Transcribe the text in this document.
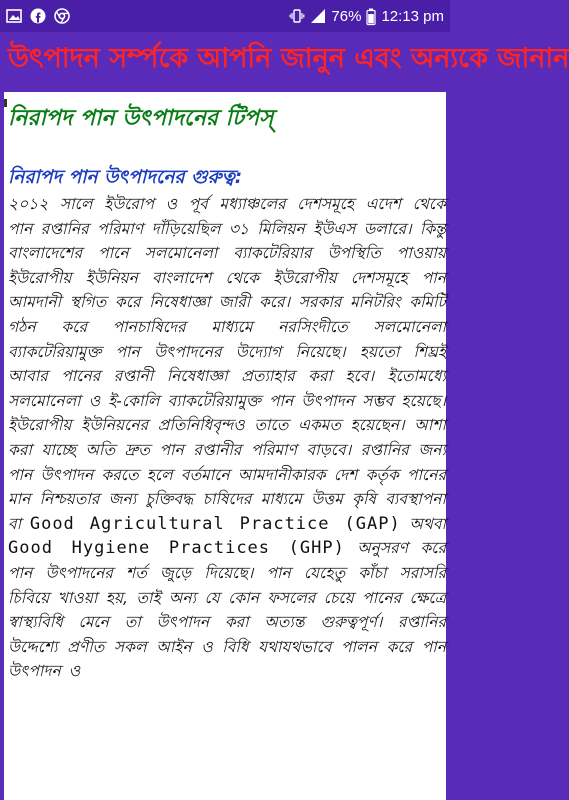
76% 12:13 pm
উৎপাদন সর্ম্পকে আপনি জানুন এবং অন্যকে জানান
নিরাপদ পান উৎপাদনের টিপস্
নিরাপদ পান উৎপাদনের গুরুত্ব:
২০১২ সালে ইউরোপ ও পূর্ব মধ্যাঞ্চলের দেশসমূহে এদেশ থেকে পান রপ্তানির পরিমাণ দাঁড়িয়েছিল ৩১ মিলিয়ন ইউএস ডলারে। কিন্তু বাংলাদেশের পানে সলমোনেলা ব্যাকটেরিয়ার উপস্থিতি পাওয়ায় ইউরোপীয় ইউনিয়ন বাংলাদেশ থেকে ইউরোপীয় দেশসমূহে পান আমদানী স্থগিত করে নিষেধাজ্ঞা জারী করে। সরকার মনিটরিং কমিটি গঠন করে পানচাষিদের মাধ্যমে নরসিংদীতে সলমোনেলা ব্যাকটেরিয়ামুক্ত পান উৎপাদনের উদ্যোগ নিয়েছে। হয়তো শিঘ্রই আবার পানের রপ্তানী নিষেধাজ্ঞা প্রত্যাহার করা হবে। ইতোমধ্যে সলমোনেলা ও ই-কোলি ব্যাকটেরিয়ামুক্ত পান উৎপাদন সম্ভব হয়েছে। ইউরোপীয় ইউনিয়নের প্রতিনিধিবৃন্দও তাতে একমত হয়েছেন। আশা করা যাচ্ছে অতি দ্রুত পান রপ্তানীর পরিমাণ বাড়বে। রপ্তানির জন্য পান উৎপাদন করতে হলে বর্তমানে আমদানীকারক দেশ কর্তৃক পানের মান নিশ্চয়তার জন্য চুক্তিবদ্ধ চাষিদের মাধ্যমে উত্তম কৃষি ব্যবস্থাপনা বা Good Agricultural Practice (GAP) অথবা Good Hygiene Practices (GHP) অনুসরণ করে পান উৎপাদনের শর্ত জুড়ে দিয়েছে। পান যেহেতু কাঁচা সরাসরি চিবিয়ে খাওয়া হয়, তাই অন্য যে কোন ফসলের চেয়ে পানের ক্ষেত্রে স্বাস্থ্যবিধি মেনে তা উৎপাদন করা অত্যন্ত গুরুত্বপূর্ণ। রপ্তানির উদ্দেশ্যে প্রণীত সকল আইন ও বিধি যথাযথভাবে পালন করে পান উৎপাদন ও
